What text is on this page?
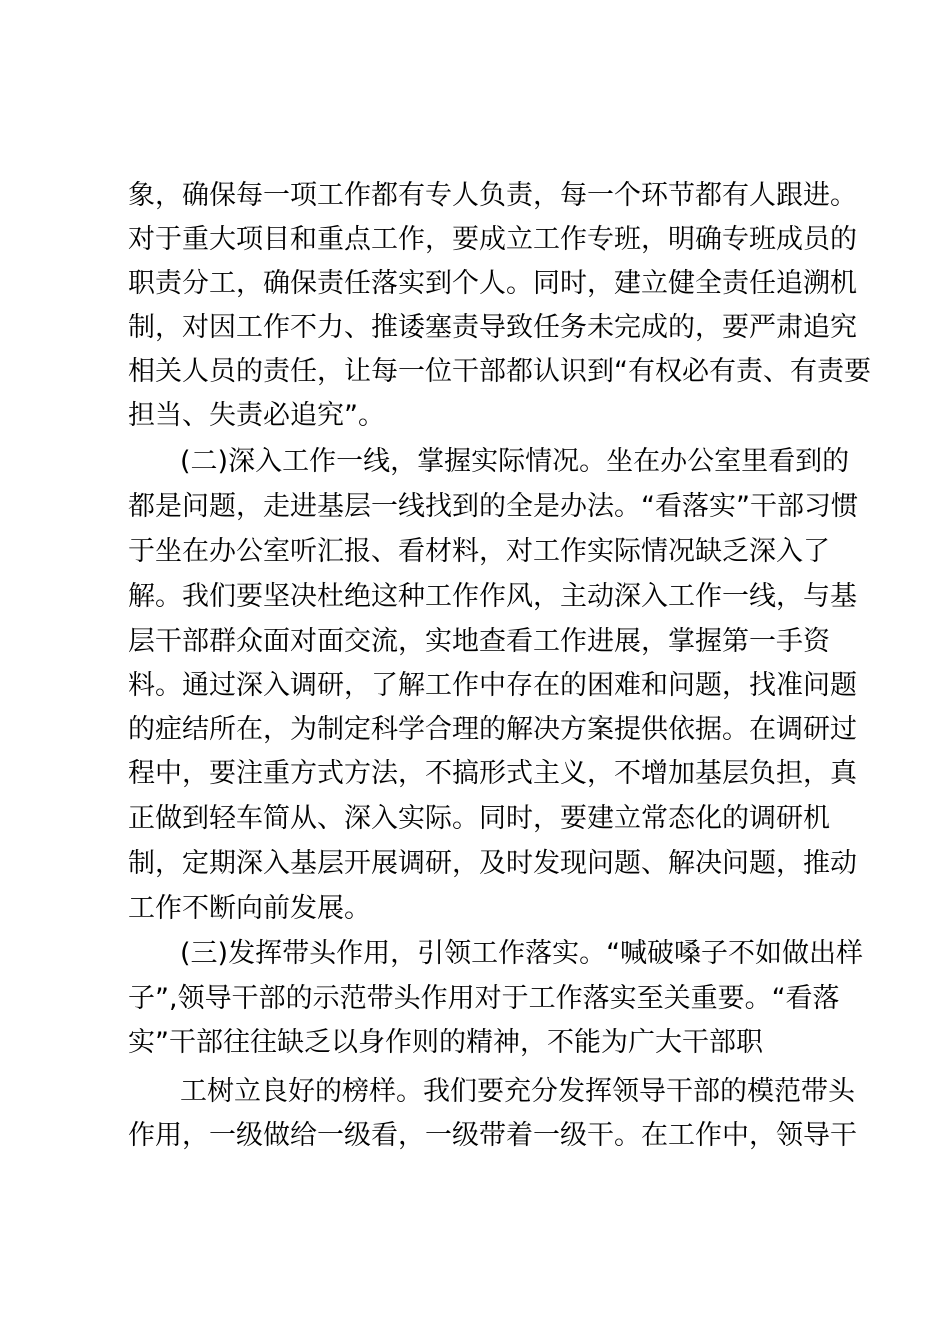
象，确保每一项工作都有专人负责，每一个环节都有人跟进。
对于重大项目和重点工作，要成立工作专班，明确专班成员的
职责分工，确保责任落实到个人。同时，建立健全责任追溯机
制，对因工作不力、推诿塞责导致任务未完成的，要严肃追究
相关人员的责任，让每一位干部都认识到“有权必有责、有责要
担当、失责必追究”。
(二)深入工作一线，掌握实际情况。坐在办公室里看到的
都是问题，走进基层一线找到的全是办法。“看落实”干部习惯
于坐在办公室听汇报、看材料，对工作实际情况缺乏深入了
解。我们要坚决杜绝这种工作作风，主动深入工作一线，与基
层干部群众面对面交流，实地查看工作进展，掌握第一手资
料。通过深入调研，了解工作中存在的困难和问题，找准问题
的症结所在，为制定科学合理的解决方案提供依据。在调研过
程中，要注重方式方法，不搞形式主义，不增加基层负担，真
正做到轻车简从、深入实际。同时，要建立常态化的调研机
制，定期深入基层开展调研，及时发现问题、解决问题，推动
工作不断向前发展。
(三)发挥带头作用，引领工作落实。“喊破嗓子不如做出样
子”,领导干部的示范带头作用对于工作落实至关重要。“看落
实”干部往往缺乏以身作则的精神，不能为广大干部职
工树立良好的榜样。我们要充分发挥领导干部的模范带头
作用，一级做给一级看，一级带着一级干。在工作中，领导干
